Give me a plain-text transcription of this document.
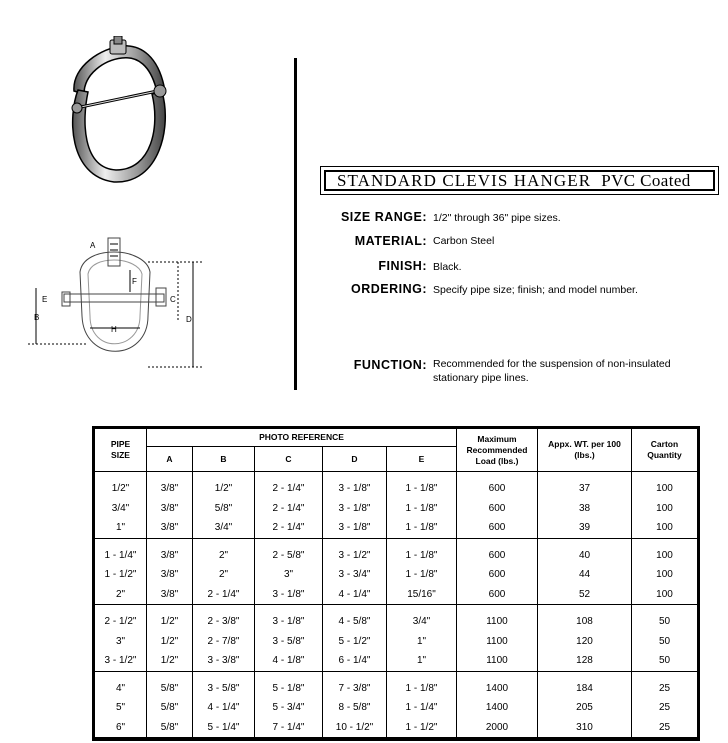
A
B
C
D
E
F
H
STANDARD CLEVIS HANGER PVC Coated
SIZE RANGE: 1/2" through 36" pipe sizes.
MATERIAL: Carbon Steel
FINISH: Black.
ORDERING: Specify pipe size; finish; and model number.
FUNCTION: Recommended for the suspension of non-insulated
stationary pipe lines.
PIPE SIZE	PHOTO REFERENCE					Maximum Recommended Load (lbs.)	Appx. WT. per 100 (lbs.)	Carton Quantity
	A	B	C	D	E			
1/2"	3/8"	1/2"	2 - 1/4"	3 - 1/8"	1 - 1/8"	600	37	100
3/4"	3/8"	5/8"	2 - 1/4"	3 - 1/8"	1 - 1/8"	600	38	100
1"	3/8"	3/4"	2 - 1/4"	3 - 1/8"	1 - 1/8"	600	39	100
1 - 1/4"	3/8"	2"	2 - 5/8"	3 - 1/2"	1 - 1/8"	600	40	100
1 - 1/2"	3/8"	2"	3"	3 - 3/4"	1 - 1/8"	600	44	100
2"	3/8"	2 - 1/4"	3 - 1/8"	4 - 1/4"	15/16"	600	52	100
2 - 1/2"	1/2"	2 - 3/8"	3 - 1/8"	4 - 5/8"	3/4"	1100	108	50
3"	1/2"	2 - 7/8"	3 - 5/8"	5 - 1/2"	1"	1100	120	50
3 - 1/2"	1/2"	3 - 3/8"	4 - 1/8"	6 - 1/4"	1"	1100	128	50
4"	5/8"	3 - 5/8"	5 - 1/8"	7 - 3/8"	1 - 1/8"	1400	184	25
5"	5/8"	4 - 1/4"	5 - 3/4"	8 - 5/8"	1 - 1/4"	1400	205	25
6"	5/8"	5 - 1/4"	7 - 1/4"	10 - 1/2"	1 - 1/2"	2000	310	25
